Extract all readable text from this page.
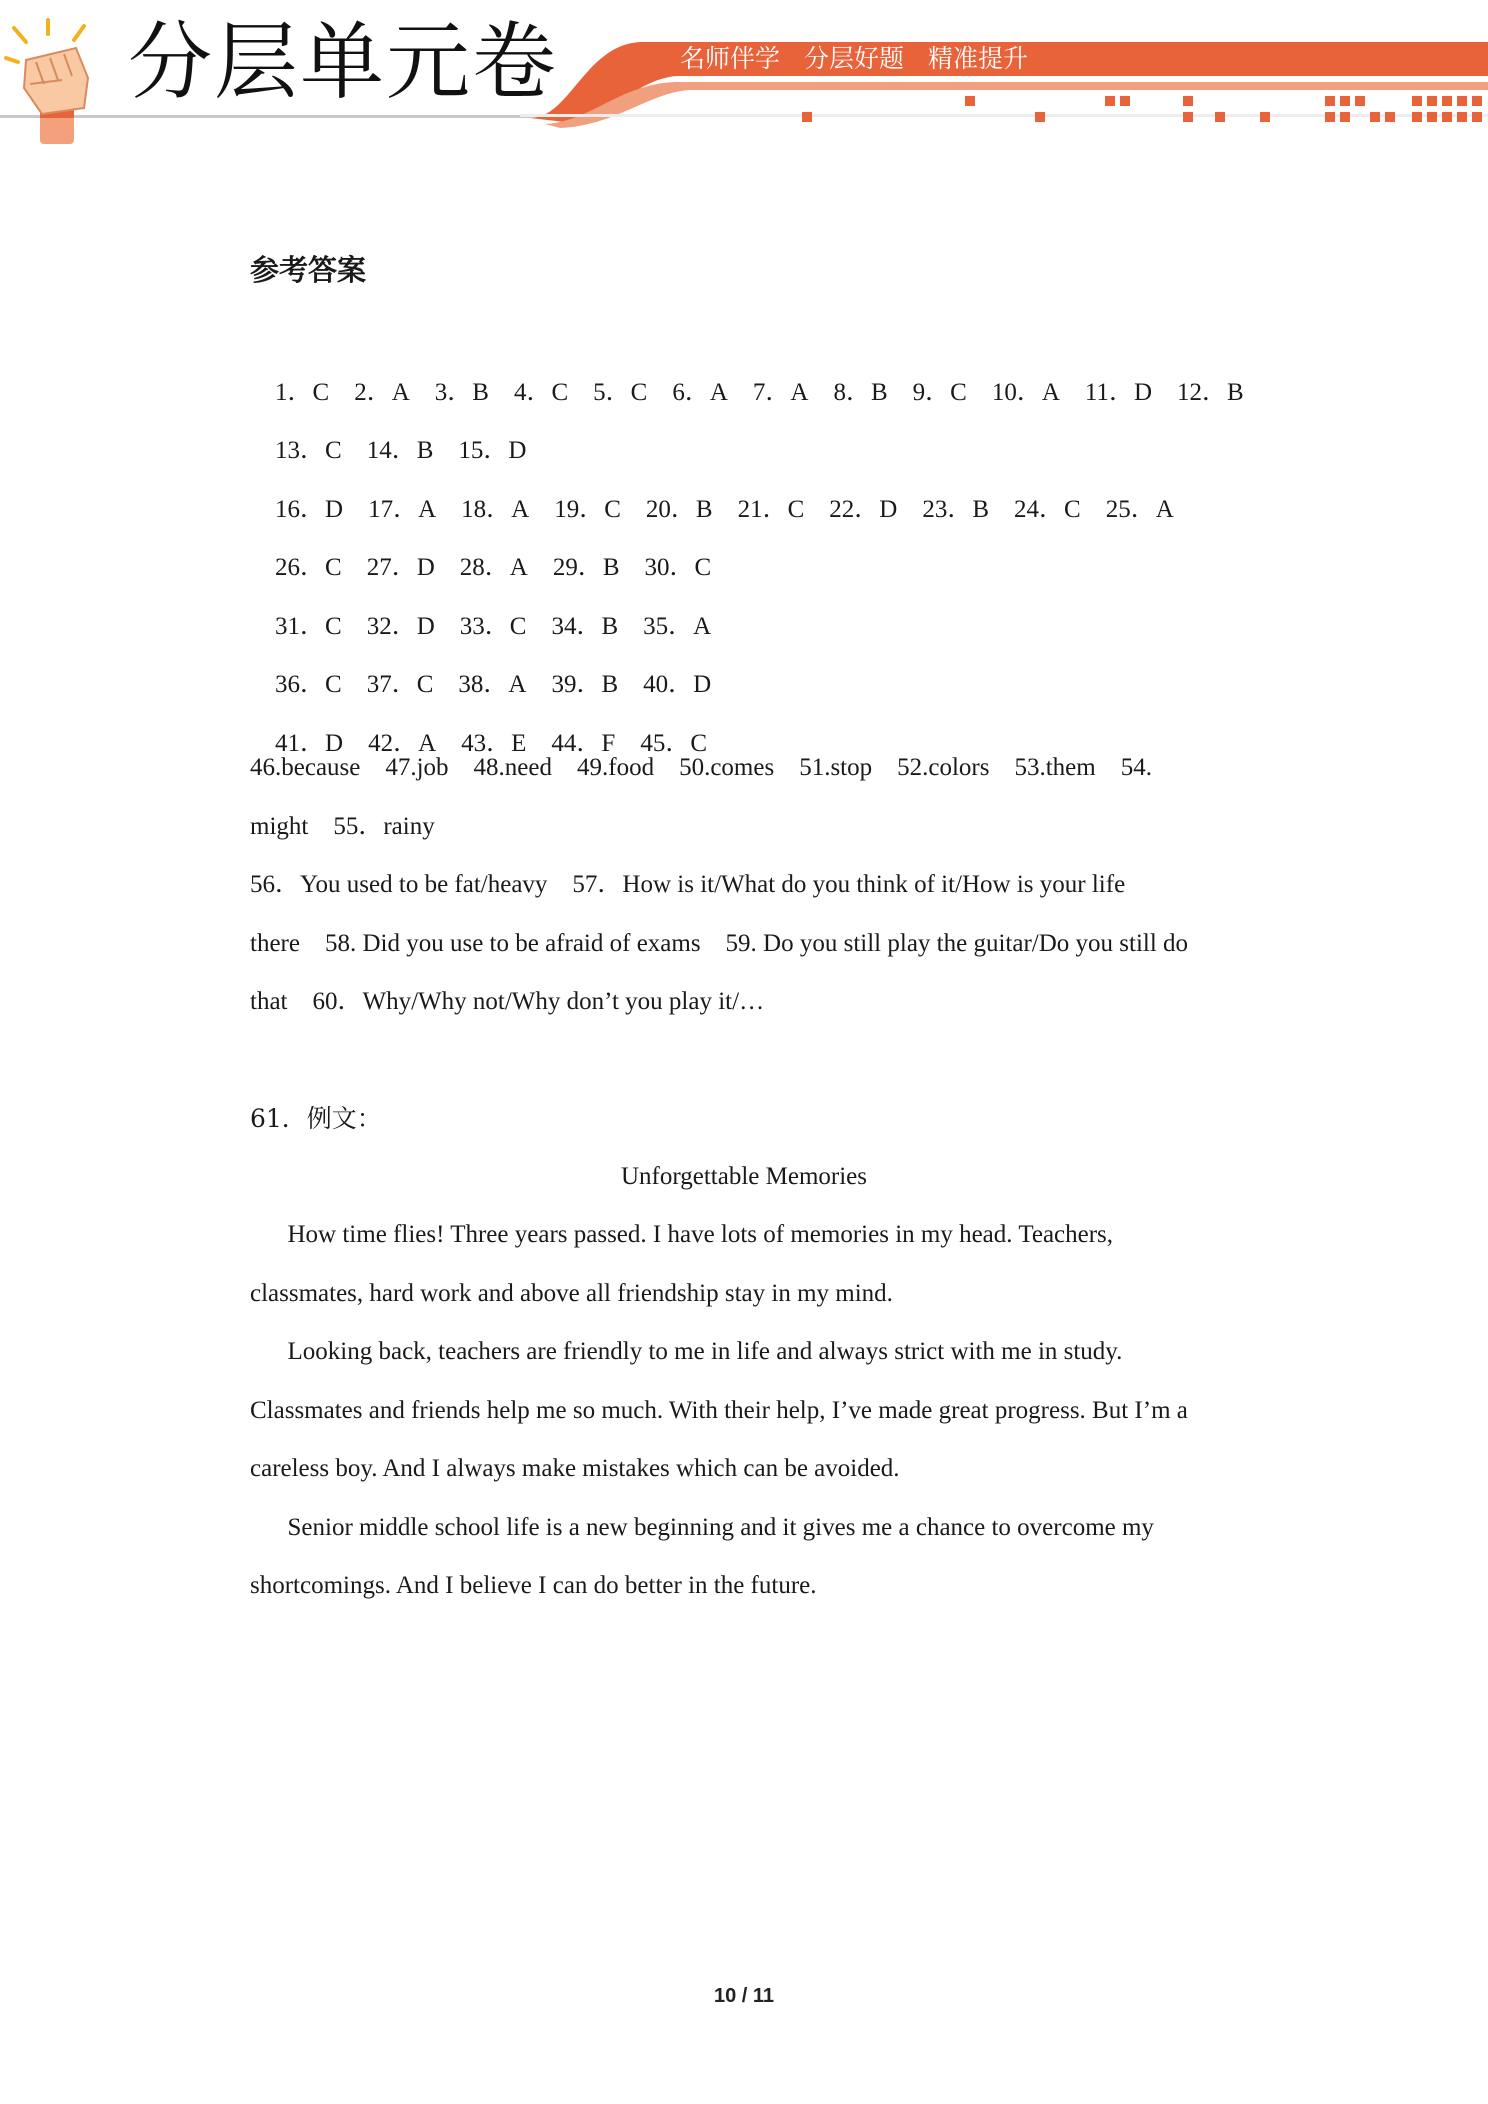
分层单元卷	名师伴学 分层好题 精准提升
参考答案

1．C 2．A 3．B 4．C 5．C 6．A 7．A 8．B 9．C 10．A 11．D 12．B

13．C 14．B 15．D

16．D 17．A 18．A 19．C 20．B 21．C 22．D 23．B 24．C 25．A

26．C 27．D 28．A 29．B 30．C

31．C 32．D 33．C 34．B 35．A

36．C 37．C 38．A 39．B 40．D

41．D 42．A 43．E 44．F 45．C

46.because    47.job    48.need    49.food    50.comes    51.stop    52.colors    53.them    54.
might    55．rainy
56．You used to be fat/heavy    57．How is it/What do you think of it/How is your life
there    58. Did you use to be afraid of exams    59. Do you still play the guitar/Do you still do
that    60．Why/Why not/Why don’t you play it/…
61．例文：
Unforgettable Memories
How time flies! Three years passed. I have lots of memories in my head. Teachers,
classmates, hard work and above all friendship stay in my mind.
Looking back, teachers are friendly to me in life and always strict with me in study.
Classmates and friends help me so much. With their help, I’ve made great progress. But I’m a
careless boy. And I always make mistakes which can be avoided.
Senior middle school life is a new beginning and it gives me a chance to overcome my
shortcomings. And I believe I can do better in the future.
10 / 11
